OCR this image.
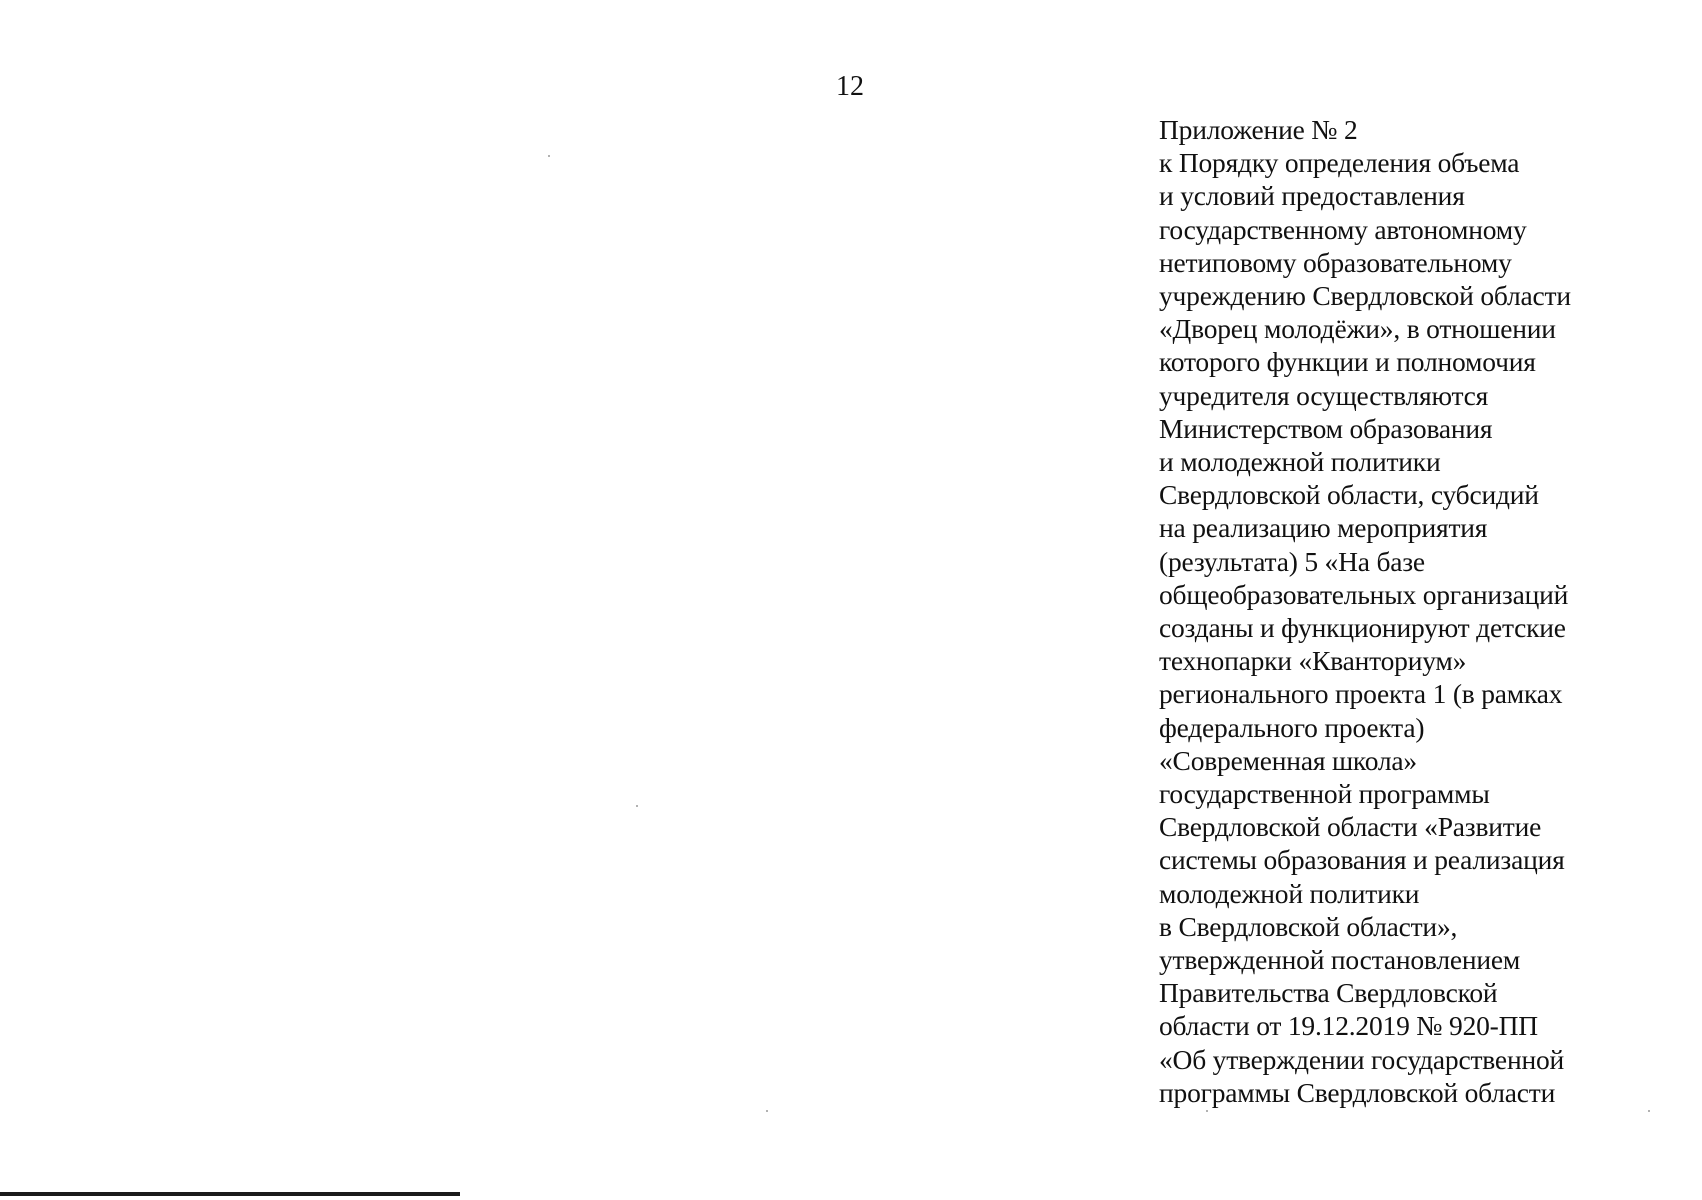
12
Приложение № 2
к Порядку определения объема
и условий предоставления
государственному автономному
нетиповому образовательному
учреждению Свердловской области
«Дворец молодёжи», в отношении
которого функции и полномочия
учредителя осуществляются
Министерством образования
и молодежной политики
Свердловской области, субсидий
на реализацию мероприятия
(результата) 5 «На базе
общеобразовательных организаций
созданы и функционируют детские
технопарки «Кванториум»
регионального проекта 1 (в рамках
федерального проекта)
«Современная школа»
государственной программы
Свердловской области «Развитие
системы образования и реализация
молодежной политики
в Свердловской области»,
утвержденной постановлением
Правительства Свердловской
области от 19.12.2019 № 920-ПП
«Об утверждении государственной
программы Свердловской области
